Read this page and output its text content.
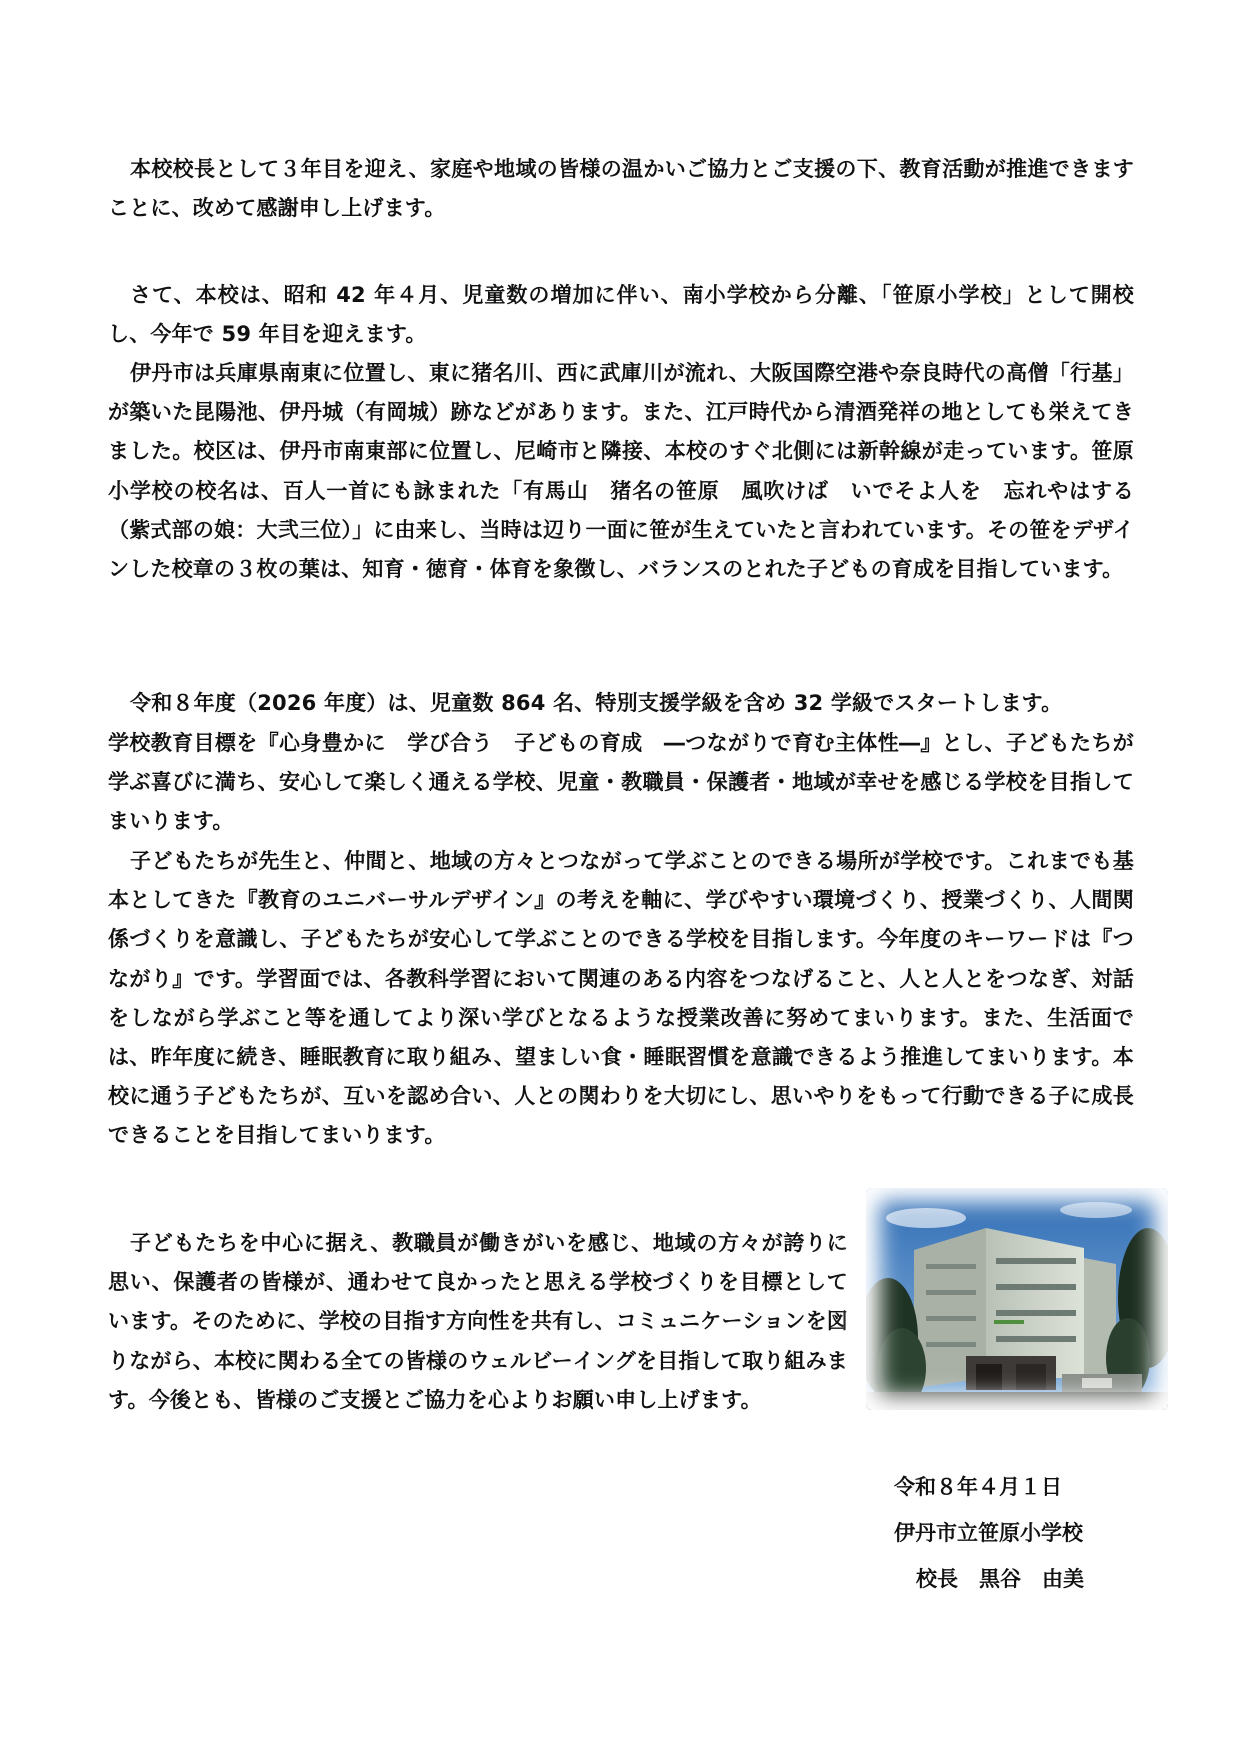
本校校長として３年目を迎え、家庭や地域の皆様の温かいご協力とご支援の下、教育活動が推進できますことに、改めて感謝申し上げます。

さて、本校は、昭和 42 年４月、児童数の増加に伴い、南小学校から分離、「笹原小学校」として開校し、今年で 59 年目を迎えます。

伊丹市は兵庫県南東に位置し、東に猪名川、西に武庫川が流れ、大阪国際空港や奈良時代の高僧「行基」が築いた昆陽池、伊丹城（有岡城）跡などがあります。また、江戸時代から清酒発祥の地としても栄えてきました。校区は、伊丹市南東部に位置し、尼崎市と隣接、本校のすぐ北側には新幹線が走っています。笹原小学校の校名は、百人一首にも詠まれた「有馬山　猪名の笹原　風吹けば　いでそよ人を　忘れやはする（紫式部の娘：大弐三位）」に由来し、当時は辺り一面に笹が生えていたと言われています。その笹をデザインした校章の３枚の葉は、知育・徳育・体育を象徴し、バランスのとれた子どもの育成を目指しています。

令和８年度（2026 年度）は、児童数 864 名、特別支援学級を含め 32 学級でスタートします。

学校教育目標を『心身豊かに　学び合う　子どもの育成　―つながりで育む主体性―』とし、子どもたちが学ぶ喜びに満ち、安心して楽しく通える学校、児童・教職員・保護者・地域が幸せを感じる学校を目指してまいります。

子どもたちが先生と、仲間と、地域の方々とつながって学ぶことのできる場所が学校です。これまでも基本としてきた『教育のユニバーサルデザイン』の考えを軸に、学びやすい環境づくり、授業づくり、人間関係づくりを意識し、子どもたちが安心して学ぶことのできる学校を目指します。今年度のキーワードは『つながり』です。学習面では、各教科学習において関連のある内容をつなげること、人と人とをつなぎ、対話をしながら学ぶこと等を通してより深い学びとなるような授業改善に努めてまいります。また、生活面では、昨年度に続き、睡眠教育に取り組み、望ましい食・睡眠習慣を意識できるよう推進してまいります。本校に通う子どもたちが、互いを認め合い、人との関わりを大切にし、思いやりをもって行動できる子に成長できることを目指してまいります。

子どもたちを中心に据え、教職員が働きがいを感じ、地域の方々が誇りに思い、保護者の皆様が、通わせて良かったと思える学校づくりを目標としています。そのために、学校の目指す方向性を共有し、コミュニケーションを図りながら、本校に関わる全ての皆様のウェルビーイングを目指して取り組みます。今後とも、皆様のご支援とご協力を心よりお願い申し上げます。

令和８年４月１日

伊丹市立笹原小学校

校長　黒谷　由美
